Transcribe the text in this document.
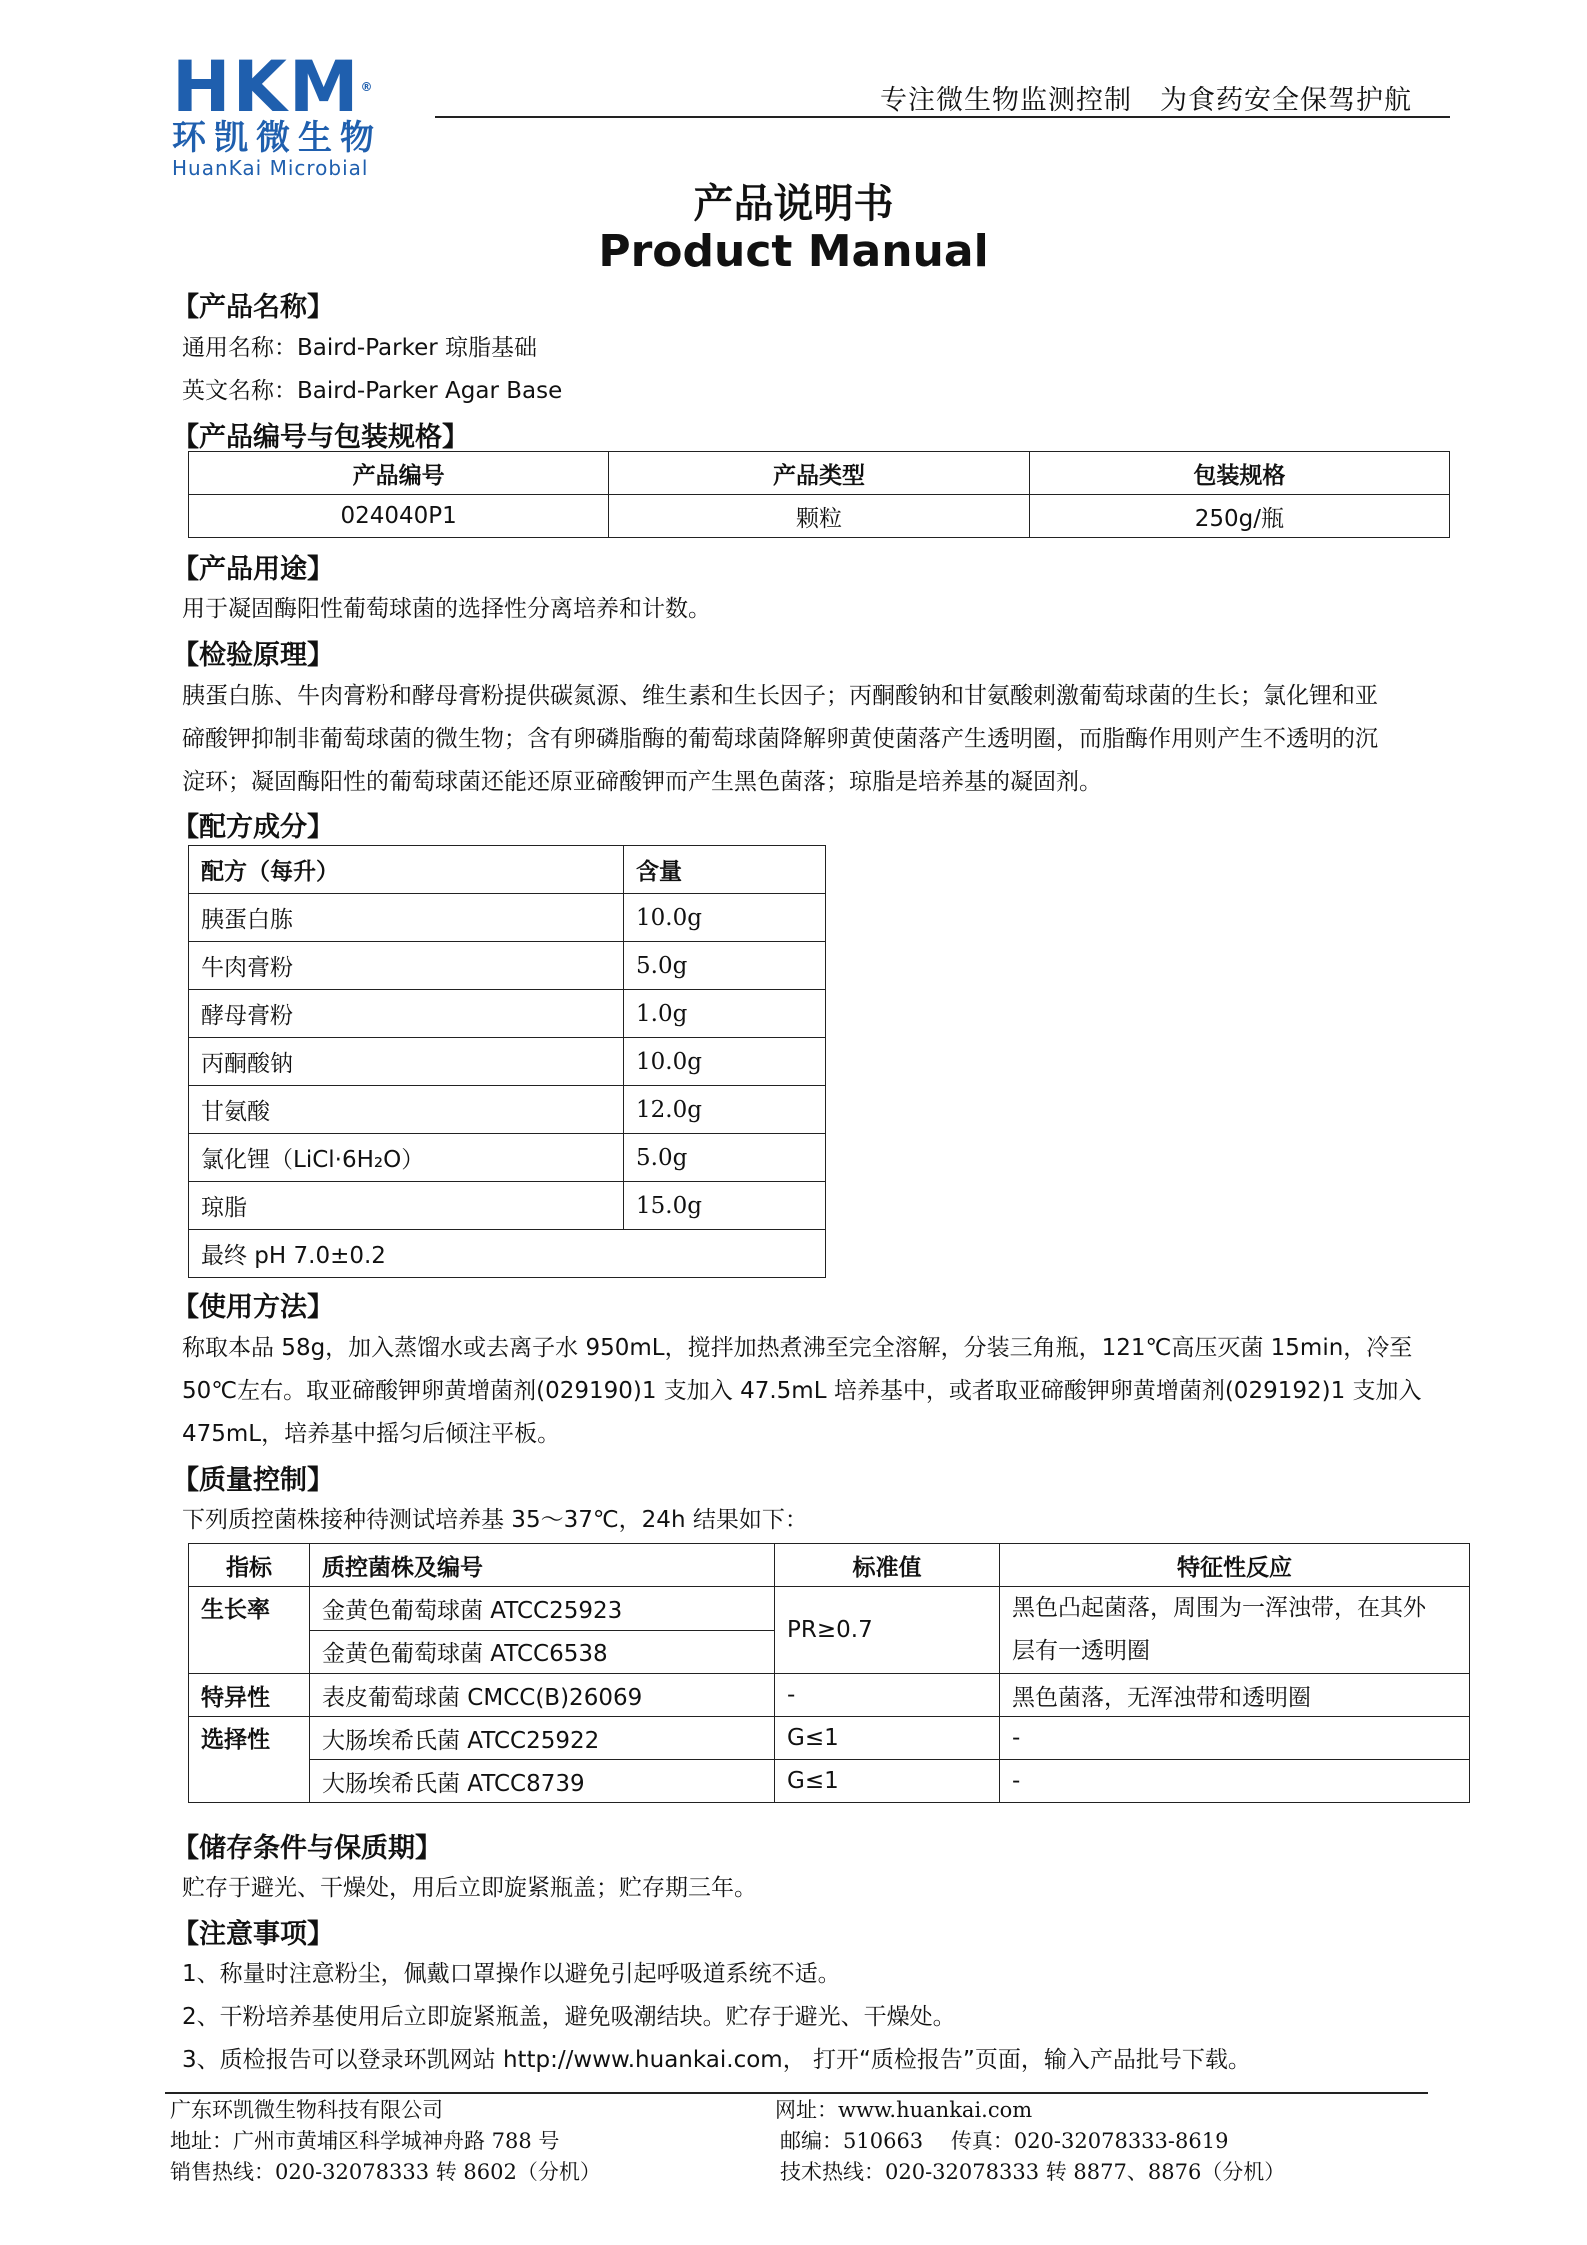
HKM®
环凯微生物
HuanKai Microbial
专注微生物监测控制　为食药安全保驾护航
产品说明书
Product Manual
【产品名称】
通用名称：Baird-Parker 琼脂基础
英文名称：Baird-Parker Agar Base
【产品编号与包装规格】
产品编号	产品类型	包装规格
024040P1	颗粒	250g/瓶
【产品用途】
用于凝固酶阳性葡萄球菌的选择性分离培养和计数。
【检验原理】
胰蛋白胨、牛肉膏粉和酵母膏粉提供碳氮源、维生素和生长因子；丙酮酸钠和甘氨酸刺激葡萄球菌的生长；氯化锂和亚
碲酸钾抑制非葡萄球菌的微生物；含有卵磷脂酶的葡萄球菌降解卵黄使菌落产生透明圈，而脂酶作用则产生不透明的沉
淀环；凝固酶阳性的葡萄球菌还能还原亚碲酸钾而产生黑色菌落；琼脂是培养基的凝固剂。
【配方成分】
配方（每升）	含量
胰蛋白胨	10.0g
牛肉膏粉	5.0g
酵母膏粉	1.0g
丙酮酸钠	10.0g
甘氨酸	12.0g
氯化锂（LiCl·6H₂O）	5.0g
琼脂	15.0g
最终 pH 7.0±0.2	
【使用方法】
称取本品 58g，加入蒸馏水或去离子水 950mL，搅拌加热煮沸至完全溶解，分装三角瓶，121℃高压灭菌 15min，冷至
50℃左右。取亚碲酸钾卵黄增菌剂(029190)1 支加入 47.5mL 培养基中，或者取亚碲酸钾卵黄增菌剂(029192)1 支加入
475mL，培养基中摇匀后倾注平板。
【质量控制】
下列质控菌株接种待测试培养基 35～37℃，24h 结果如下：
指标	质控菌株及编号	标准值	特征性反应
生长率	金黄色葡萄球菌 ATCC25923	PR≥0.7	黑色凸起菌落，周围为一浑浊带，在其外
层有一透明圈
	金黄色葡萄球菌 ATCC6538		
特异性	表皮葡萄球菌 CMCC(B)26069	-	黑色菌落，无浑浊带和透明圈
选择性	大肠埃希氏菌 ATCC25922	G≤1	-
	大肠埃希氏菌 ATCC8739	G≤1	-
【储存条件与保质期】
贮存于避光、干燥处，用后立即旋紧瓶盖；贮存期三年。
【注意事项】
1、称量时注意粉尘，佩戴口罩操作以避免引起呼吸道系统不适。
2、干粉培养基使用后立即旋紧瓶盖，避免吸潮结块。贮存于避光、干燥处。
3、质检报告可以登录环凯网站 http://www.huankai.com， 打开“质检报告”页面，输入产品批号下载。
广东环凯微生物科技有限公司
地址：广州市黄埔区科学城神舟路 788 号
销售热线：020-32078333 转 8602（分机）
网址：www.huankai.com
邮编：510663　 传真：020-32078333-8619
技术热线：020-32078333 转 8877、8876（分机）
